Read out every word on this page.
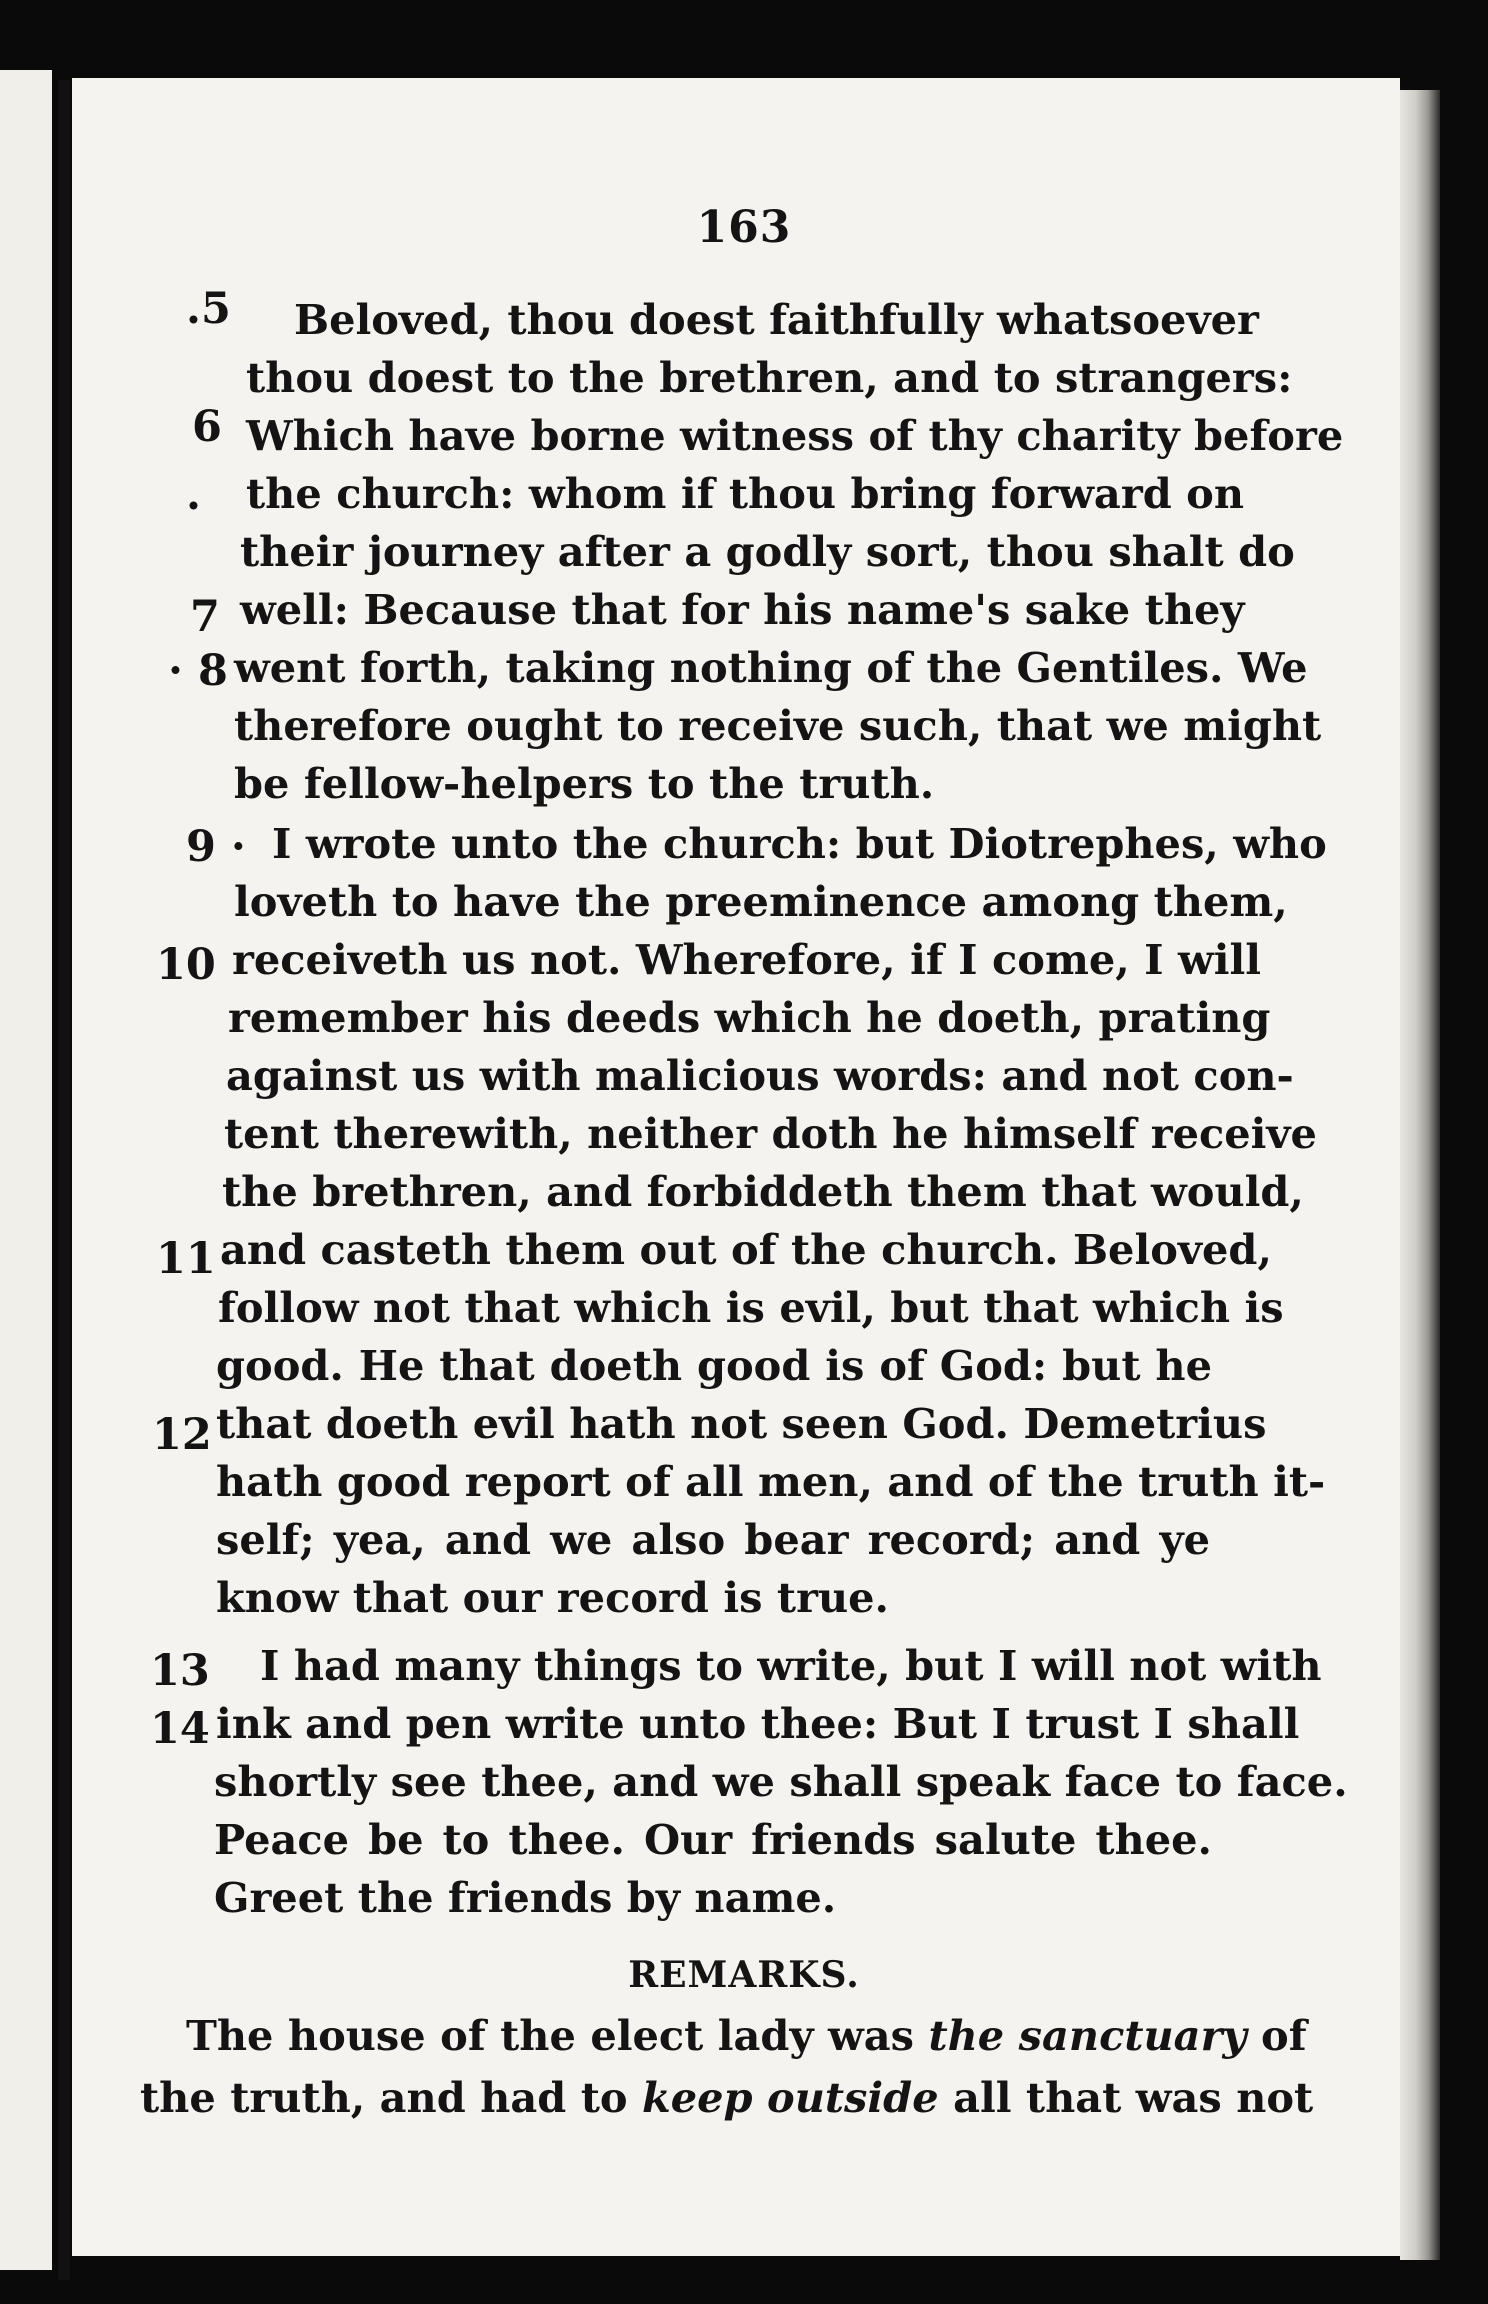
163
.5
6
.
7
· 8
9 ·
10
11
12
13
14
Beloved, thou doest faithfully whatsoever
thou doest to the brethren, and to strangers:
Which have borne witness of thy charity before
the church: whom if thou bring forward on
their journey after a godly sort, thou shalt do
well: Because that for his name's sake they
went forth, taking nothing of the Gentiles. We
therefore ought to receive such, that we might
be fellow-helpers to the truth.
I wrote unto the church: but Diotrephes, who
loveth to have the preeminence among them,
receiveth us not. Wherefore, if I come, I will
remember his deeds which he doeth, prating
against us with malicious words: and not con-
tent therewith, neither doth he himself receive
the brethren, and forbiddeth them that would,
and casteth them out of the church. Beloved,
follow not that which is evil, but that which is
good. He that doeth good is of God: but he
that doeth evil hath not seen God. Demetrius
hath good report of all men, and of the truth it-
self; yea, and we also bear record; and ye
know that our record is true.
I had many things to write, but I will not with
ink and pen write unto thee: But I trust I shall
shortly see thee, and we shall speak face to face.
Peace be to thee. Our friends salute thee.
Greet the friends by name.
REMARKS.
The house of the elect lady was the sanctuary of
the truth, and had to keep outside all that was not
